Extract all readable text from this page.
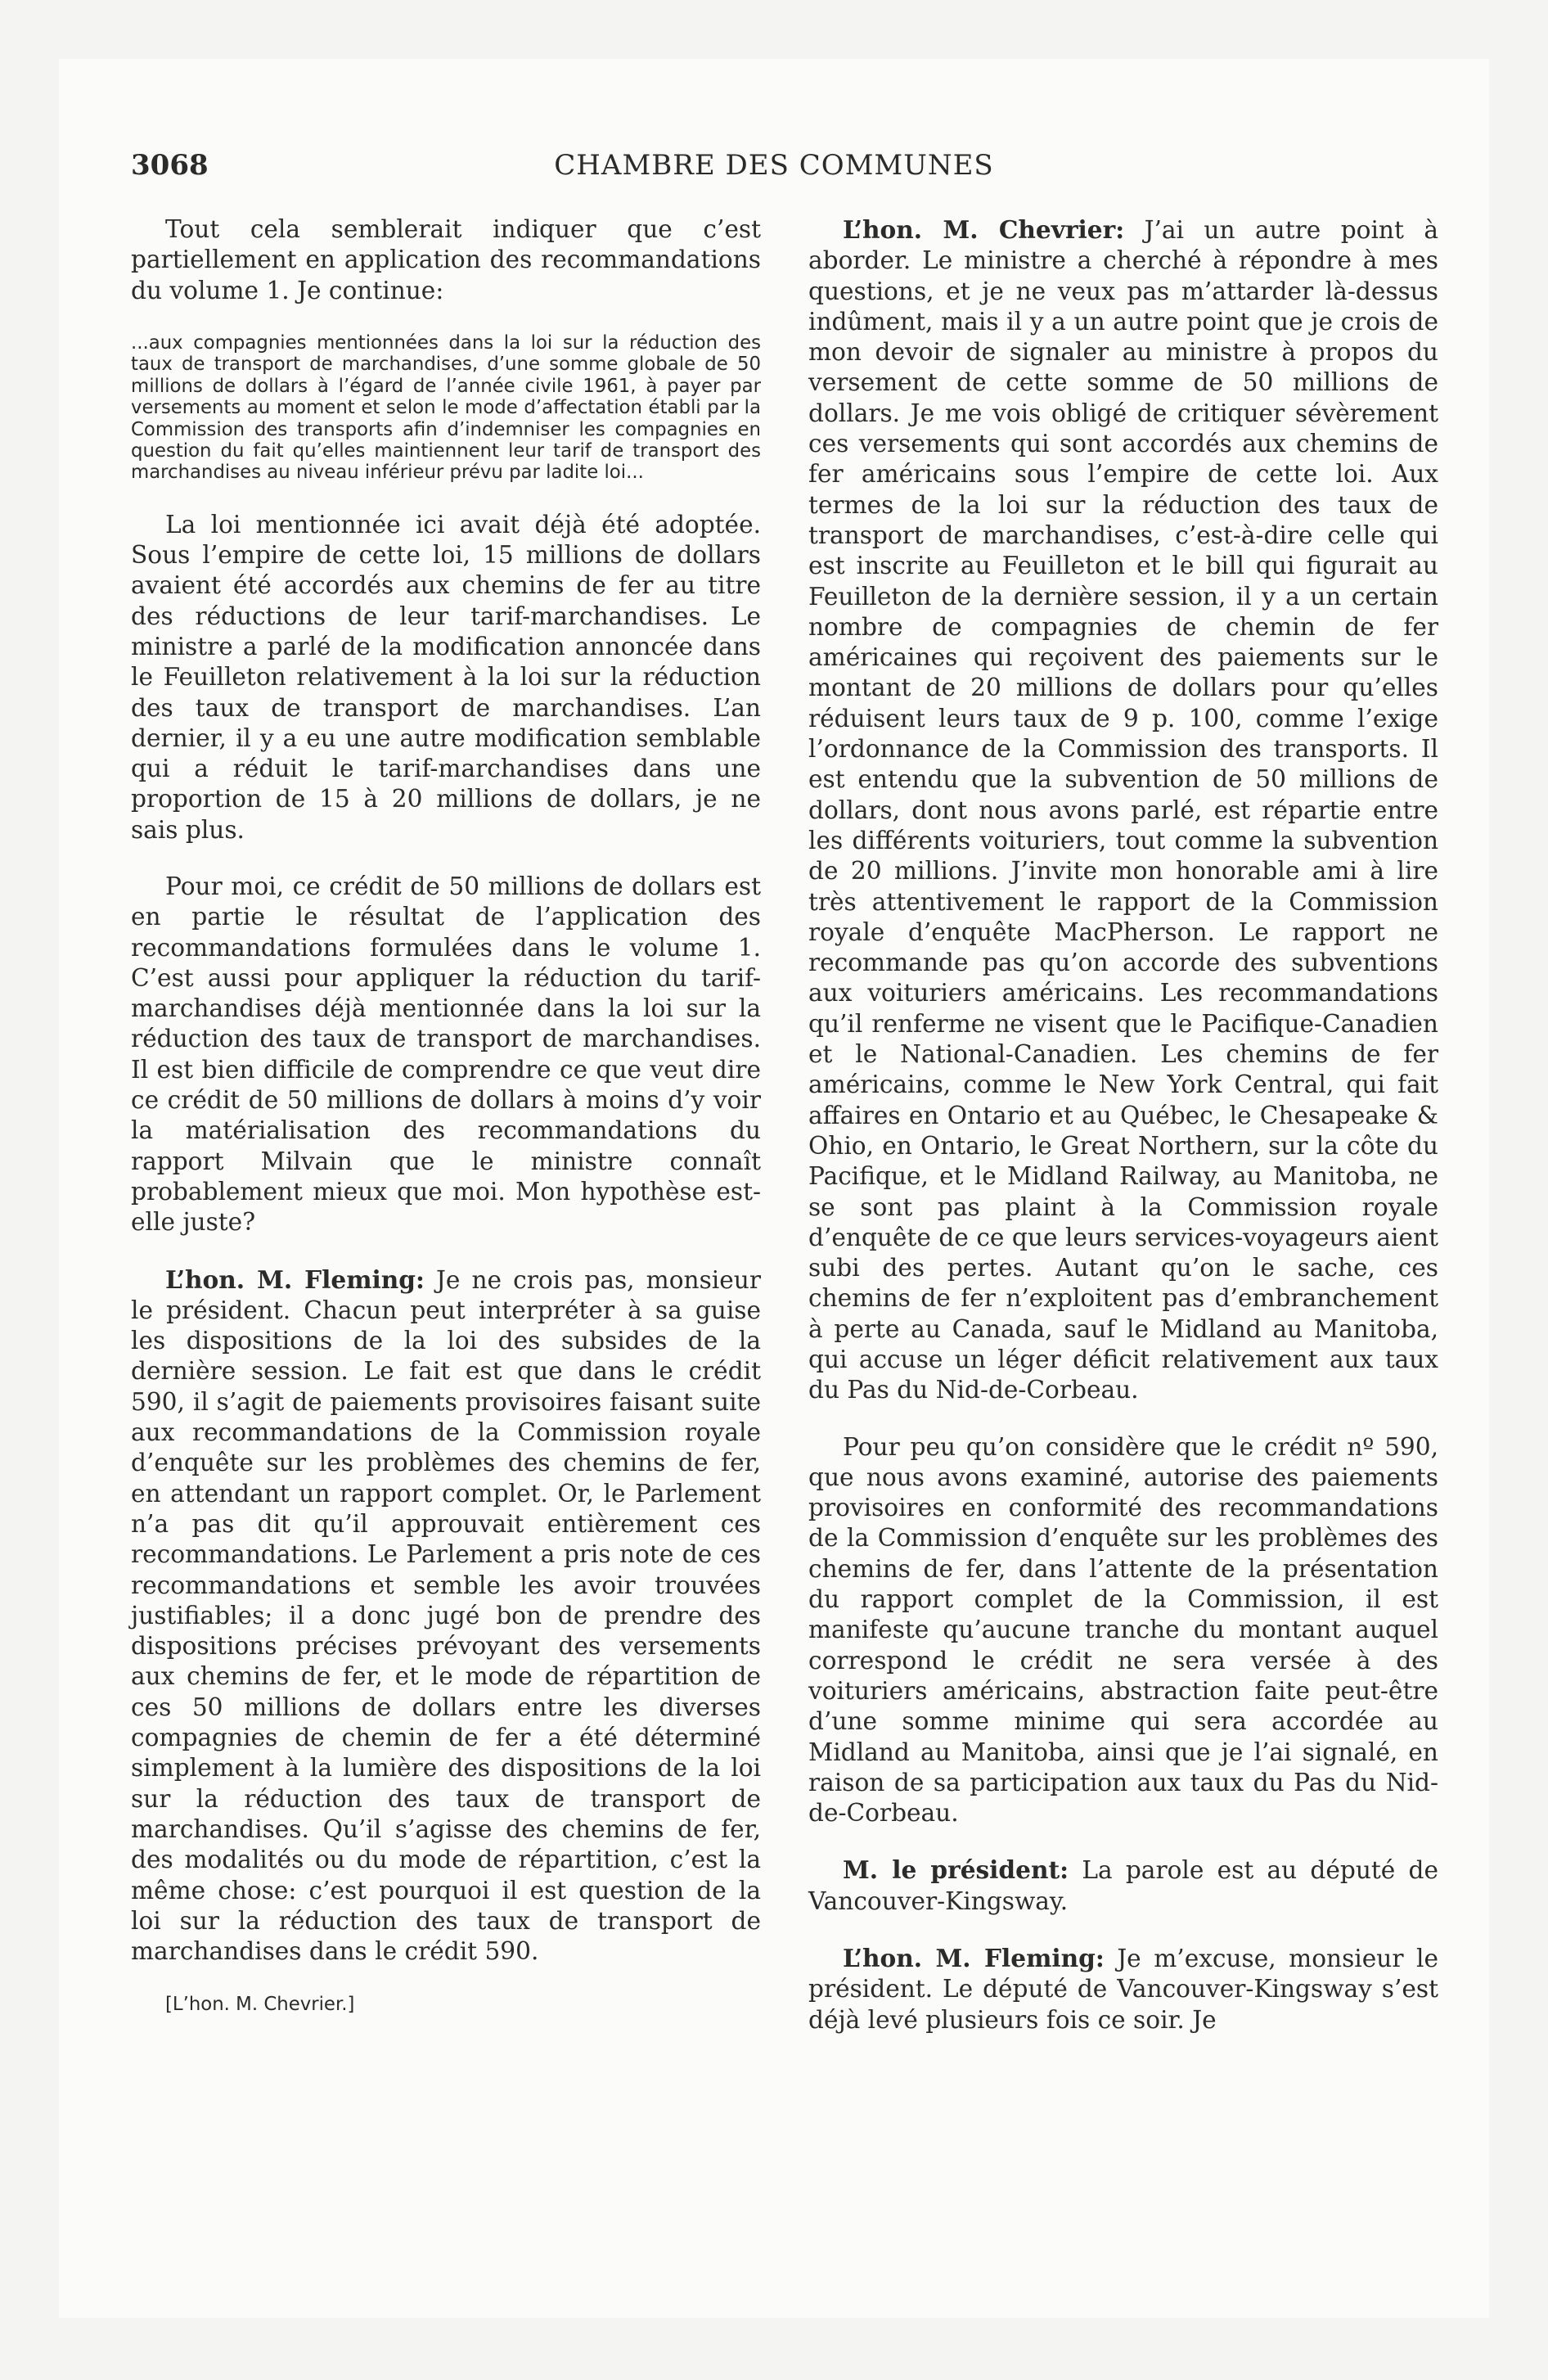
3068	CHAMBRE DES COMMUNES

Tout cela semblerait indiquer que c’est partiellement en application des recommandations du volume 1. Je continue:

...aux compagnies mentionnées dans la loi sur la réduction des taux de transport de marchandises, d’une somme globale de 50 millions de dollars à l’égard de l’année civile 1961, à payer par versements au moment et selon le mode d’affectation établi par la Commission des transports afin d’indemniser les compagnies en question du fait qu’elles maintiennent leur tarif de transport des marchandises au niveau inférieur prévu par ladite loi...

La loi mentionnée ici avait déjà été adoptée. Sous l’empire de cette loi, 15 millions de dollars avaient été accordés aux chemins de fer au titre des réductions de leur tarif-marchandises. Le ministre a parlé de la modification annoncée dans le Feuilleton relativement à la loi sur la réduction des taux de transport de marchandises. L’an dernier, il y a eu une autre modification semblable qui a réduit le tarif-marchandises dans une proportion de 15 à 20 millions de dollars, je ne sais plus.

Pour moi, ce crédit de 50 millions de dollars est en partie le résultat de l’application des recommandations formulées dans le volume 1. C’est aussi pour appliquer la réduction du tarif-marchandises déjà mentionnée dans la loi sur la réduction des taux de transport de marchandises. Il est bien difficile de comprendre ce que veut dire ce crédit de 50 millions de dollars à moins d’y voir la matérialisation des recommandations du rapport Milvain que le ministre connaît probablement mieux que moi. Mon hypothèse est-elle juste?

L’hon. M. Fleming: Je ne crois pas, monsieur le président. Chacun peut interpréter à sa guise les dispositions de la loi des subsides de la dernière session. Le fait est que dans le crédit 590, il s’agit de paiements provisoires faisant suite aux recommandations de la Commission royale d’enquête sur les problèmes des chemins de fer, en attendant un rapport complet. Or, le Parlement n’a pas dit qu’il approuvait entièrement ces recommandations. Le Parlement a pris note de ces recommandations et semble les avoir trouvées justifiables; il a donc jugé bon de prendre des dispositions précises prévoyant des versements aux chemins de fer, et le mode de répartition de ces 50 millions de dollars entre les diverses compagnies de chemin de fer a été déterminé simplement à la lumière des dispositions de la loi sur la réduction des taux de transport de marchandises. Qu’il s’agisse des chemins de fer, des modalités ou du mode de répartition, c’est la même chose: c’est pourquoi il est question de la loi sur la réduction des taux de transport de marchandises dans le crédit 590.

[L’hon. M. Chevrier.]

L’hon. M. Chevrier: J’ai un autre point à aborder. Le ministre a cherché à répondre à mes questions, et je ne veux pas m’attarder là-dessus indûment, mais il y a un autre point que je crois de mon devoir de signaler au ministre à propos du versement de cette somme de 50 millions de dollars. Je me vois obligé de critiquer sévèrement ces versements qui sont accordés aux chemins de fer américains sous l’empire de cette loi. Aux termes de la loi sur la réduction des taux de transport de marchandises, c’est-à-dire celle qui est inscrite au Feuilleton et le bill qui figurait au Feuilleton de la dernière session, il y a un certain nombre de compagnies de chemin de fer américaines qui reçoivent des paiements sur le montant de 20 millions de dollars pour qu’elles réduisent leurs taux de 9 p. 100, comme l’exige l’ordonnance de la Commission des transports. Il est entendu que la subvention de 50 millions de dollars, dont nous avons parlé, est répartie entre les différents voituriers, tout comme la subvention de 20 millions. J’invite mon honorable ami à lire très attentivement le rapport de la Commission royale d’enquête MacPherson. Le rapport ne recommande pas qu’on accorde des subventions aux voituriers américains. Les recommandations qu’il renferme ne visent que le Pacifique-Canadien et le National-Canadien. Les chemins de fer américains, comme le New York Central, qui fait affaires en Ontario et au Québec, le Chesapeake & Ohio, en Ontario, le Great Northern, sur la côte du Pacifique, et le Midland Railway, au Manitoba, ne se sont pas plaint à la Commission royale d’enquête de ce que leurs services-voyageurs aient subi des pertes. Autant qu’on le sache, ces chemins de fer n’exploitent pas d’embranchement à perte au Canada, sauf le Midland au Manitoba, qui accuse un léger déficit relativement aux taux du Pas du Nid-de-Corbeau.

Pour peu qu’on considère que le crédit nº 590, que nous avons examiné, autorise des paiements provisoires en conformité des recommandations de la Commission d’enquête sur les problèmes des chemins de fer, dans l’attente de la présentation du rapport complet de la Commission, il est manifeste qu’aucune tranche du montant auquel correspond le crédit ne sera versée à des voituriers américains, abstraction faite peut-être d’une somme minime qui sera accordée au Midland au Manitoba, ainsi que je l’ai signalé, en raison de sa participation aux taux du Pas du Nid-de-Corbeau.

M. le président: La parole est au député de Vancouver-Kingsway.

L’hon. M. Fleming: Je m’excuse, monsieur le président. Le député de Vancouver-Kingsway s’est déjà levé plusieurs fois ce soir. Je
